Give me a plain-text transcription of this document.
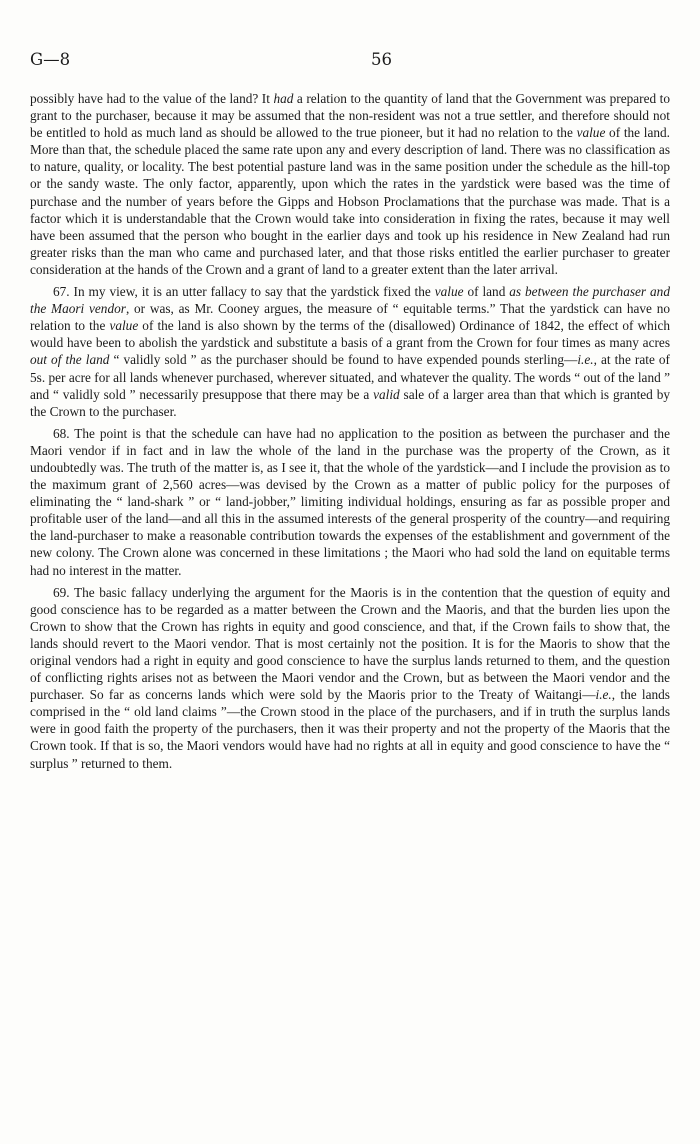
G—8	56

possibly have had to the value of the land? It had a relation to the quantity of land that the Government was prepared to grant to the purchaser, because it may be assumed that the non-resident was not a true settler, and therefore should not be entitled to hold as much land as should be allowed to the true pioneer, but it had no relation to the value of the land. More than that, the schedule placed the same rate upon any and every description of land. There was no classification as to nature, quality, or locality. The best potential pasture land was in the same position under the schedule as the hill-top or the sandy waste. The only factor, apparently, upon which the rates in the yardstick were based was the time of purchase and the number of years before the Gipps and Hobson Proclamations that the purchase was made. That is a factor which it is understandable that the Crown would take into consideration in fixing the rates, because it may well have been assumed that the person who bought in the earlier days and took up his residence in New Zealand had run greater risks than the man who came and purchased later, and that those risks entitled the earlier purchaser to greater consideration at the hands of the Crown and a grant of land to a greater extent than the later arrival.

67. In my view, it is an utter fallacy to say that the yardstick fixed the value of land as between the purchaser and the Maori vendor, or was, as Mr. Cooney argues, the measure of “ equitable terms.” That the yardstick can have no relation to the value of the land is also shown by the terms of the (disallowed) Ordinance of 1842, the effect of which would have been to abolish the yardstick and substitute a basis of a grant from the Crown for four times as many acres out of the land “ validly sold ” as the purchaser should be found to have expended pounds sterling—i.e., at the rate of 5s. per acre for all lands whenever purchased, wherever situated, and whatever the quality. The words “ out of the land ” and “ validly sold ” necessarily presuppose that there may be a valid sale of a larger area than that which is granted by the Crown to the purchaser.

68. The point is that the schedule can have had no application to the position as between the purchaser and the Maori vendor if in fact and in law the whole of the land in the purchase was the property of the Crown, as it undoubtedly was. The truth of the matter is, as I see it, that the whole of the yardstick—and I include the provision as to the maximum grant of 2,560 acres—was devised by the Crown as a matter of public policy for the purposes of eliminating the “ land-shark ” or “ land-jobber,” limiting individual holdings, ensuring as far as possible proper and profitable user of the land—and all this in the assumed interests of the general prosperity of the country—and requiring the land-purchaser to make a reasonable contribution towards the expenses of the establishment and government of the new colony. The Crown alone was concerned in these limitations ; the Maori who had sold the land on equitable terms had no interest in the matter.

69. The basic fallacy underlying the argument for the Maoris is in the contention that the question of equity and good conscience has to be regarded as a matter between the Crown and the Maoris, and that the burden lies upon the Crown to show that the Crown has rights in equity and good conscience, and that, if the Crown fails to show that, the lands should revert to the Maori vendor. That is most certainly not the position. It is for the Maoris to show that the original vendors had a right in equity and good conscience to have the surplus lands returned to them, and the question of conflicting rights arises not as between the Maori vendor and the Crown, but as between the Maori vendor and the purchaser. So far as concerns lands which were sold by the Maoris prior to the Treaty of Waitangi—i.e., the lands comprised in the “ old land claims ”—the Crown stood in the place of the purchasers, and if in truth the surplus lands were in good faith the property of the purchasers, then it was their property and not the property of the Maoris that the Crown took. If that is so, the Maori vendors would have had no rights at all in equity and good conscience to have the “ surplus ” returned to them.
